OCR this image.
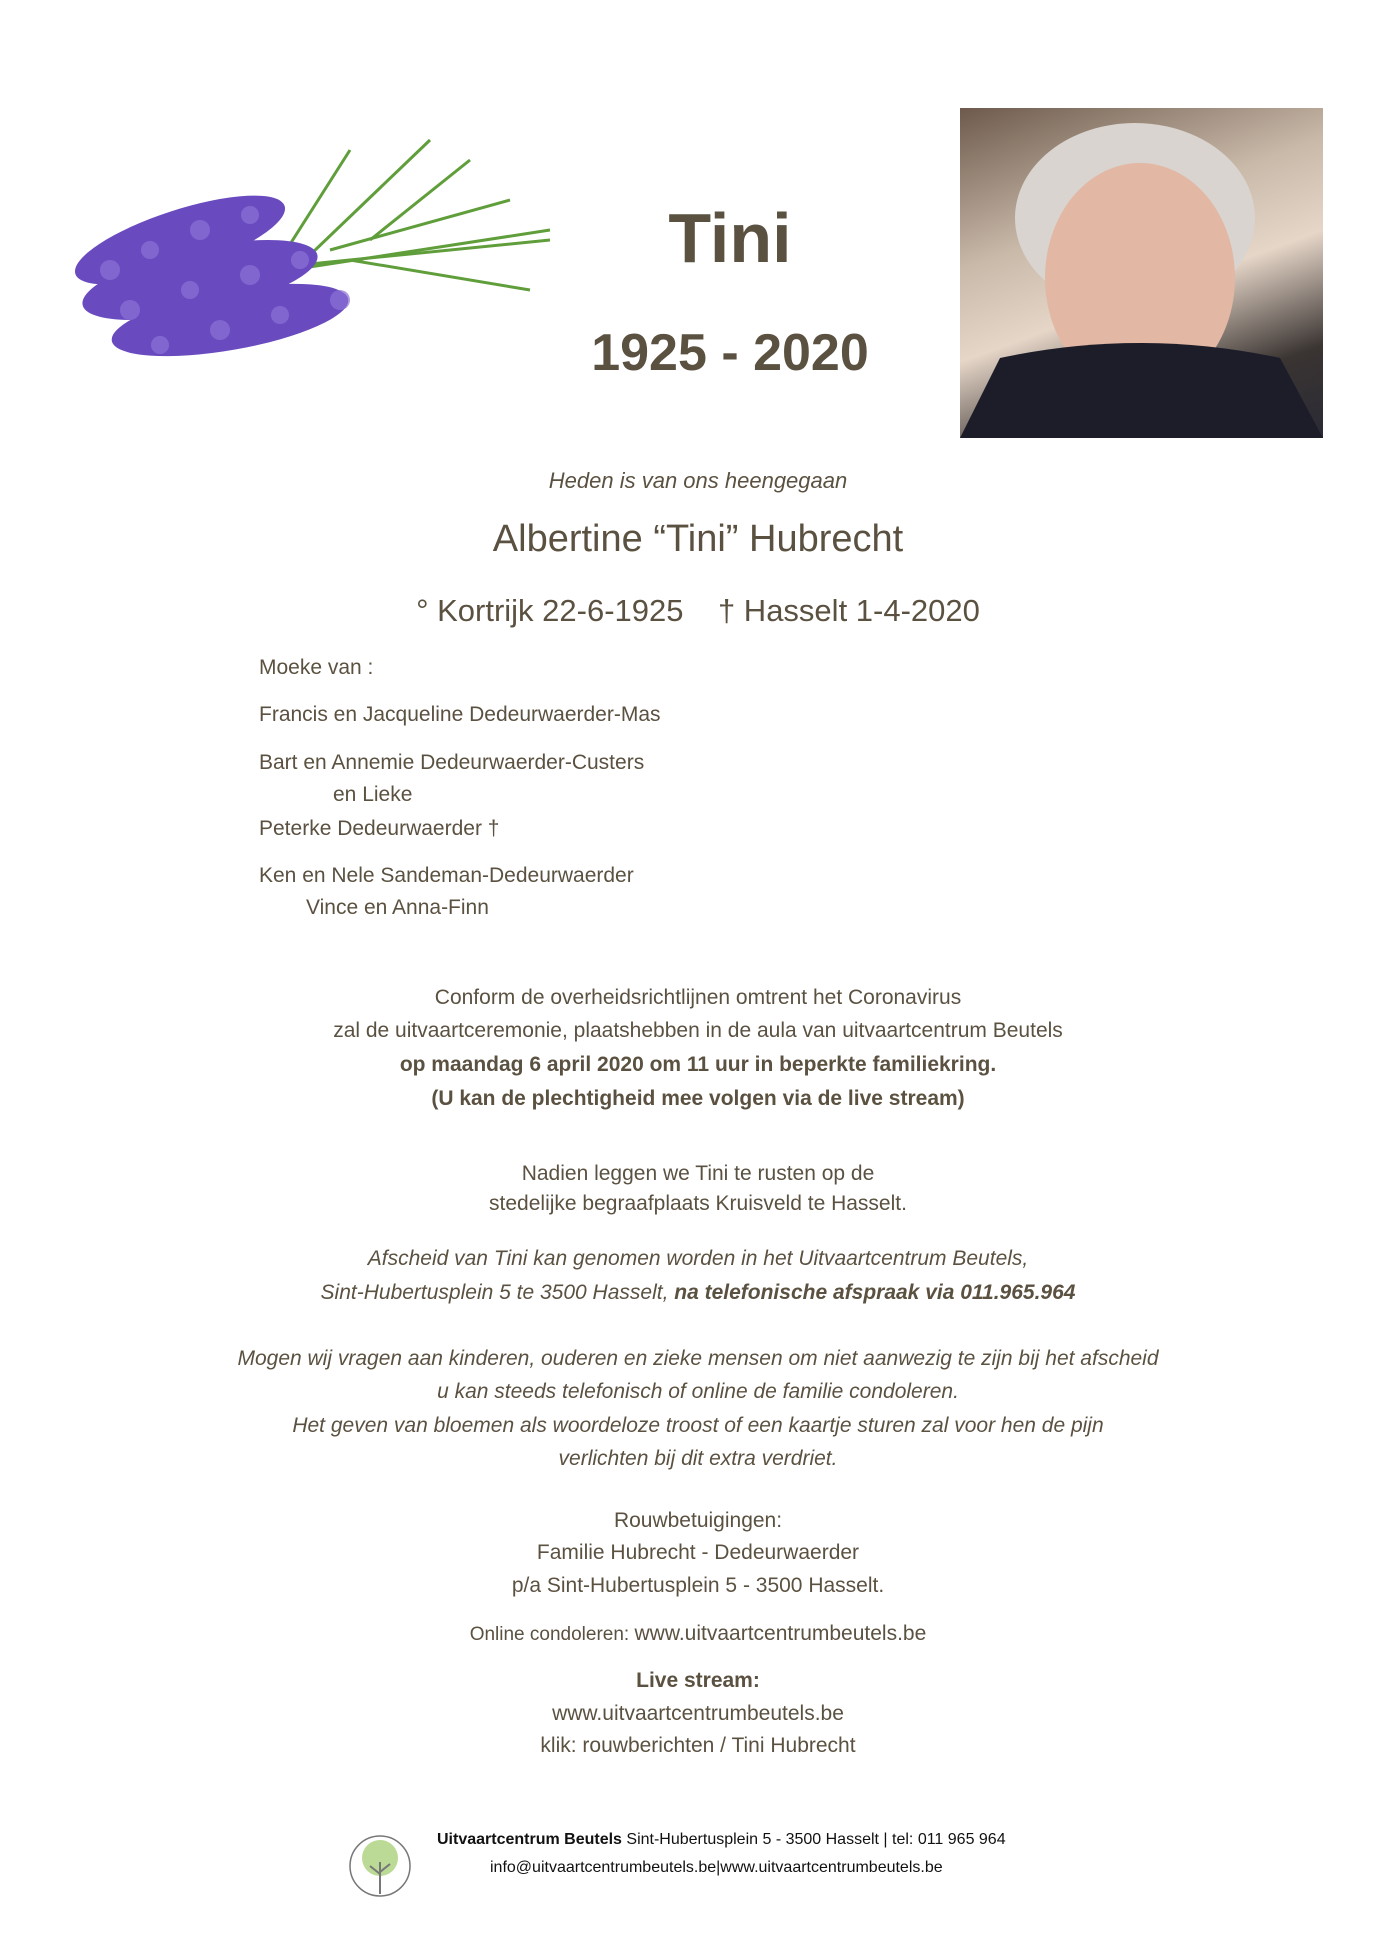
Tini
1925 - 2020
Heden is van ons heengegaan
Albertine “Tini” Hubrecht
° Kortrijk 22-6-1925 † Hasselt 1-4-2020
Moeke van :
Francis en Jacqueline Dedeurwaerder-Mas
Bart en Annemie Dedeurwaerder-Custers
en Lieke
Peterke Dedeurwaerder †
Ken en Nele Sandeman-Dedeurwaerder
Vince en Anna-Finn
Conform de overheidsrichtlijnen omtrent het Coronavirus
zal de uitvaartceremonie, plaatshebben in de aula van uitvaartcentrum Beutels
op maandag 6 april 2020 om 11 uur in beperkte familiekring.
(U kan de plechtigheid mee volgen via de live stream)
Nadien leggen we Tini te rusten op de
stedelijke begraafplaats Kruisveld te Hasselt.
Afscheid van Tini kan genomen worden in het Uitvaartcentrum Beutels,
Sint-Hubertusplein 5 te 3500 Hasselt, na telefonische afspraak via 011.965.964
Mogen wij vragen aan kinderen, ouderen en zieke mensen om niet aanwezig te zijn bij het afscheid
u kan steeds telefonisch of online de familie condoleren.
Het geven van bloemen als woordeloze troost of een kaartje sturen zal voor hen de pijn
verlichten bij dit extra verdriet.
Rouwbetuigingen:
Familie Hubrecht - Dedeurwaerder
p/a Sint-Hubertusplein 5 - 3500 Hasselt.
Online condoleren: www.uitvaartcentrumbeutels.be
Live stream:
www.uitvaartcentrumbeutels.be
klik: rouwberichten / Tini Hubrecht
Uitvaartcentrum Beutels Sint-Hubertusplein 5 - 3500 Hasselt | tel: 011 965 964
info@uitvaartcentrumbeutels.be|www.uitvaartcentrumbeutels.be
